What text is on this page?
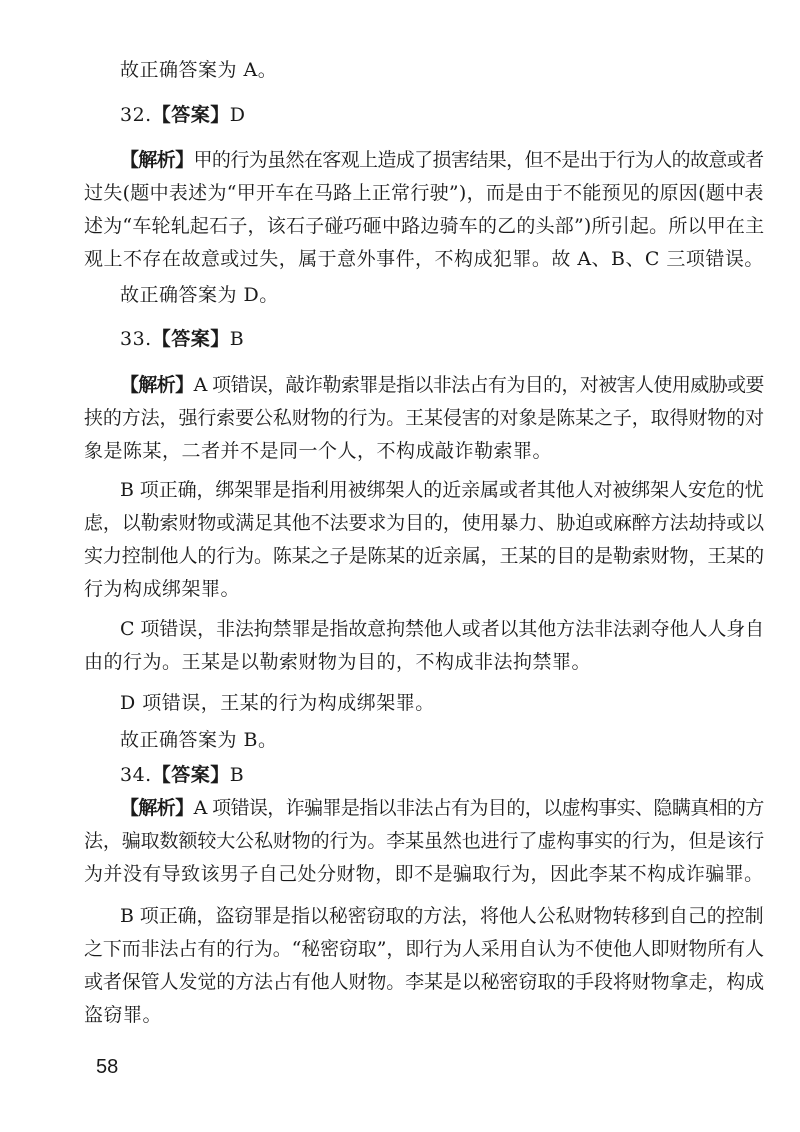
故正确答案为 A。
32.【答案】D
【解析】甲的行为虽然在客观上造成了损害结果，但不是出于行为人的故意或者
过失(题中表述为“甲开车在马路上正常行驶”)，而是由于不能预见的原因(题中表
述为“车轮轧起石子，该石子碰巧砸中路边骑车的乙的头部”)所引起。所以甲在主
观上不存在故意或过失，属于意外事件，不构成犯罪。故 A、B、C 三项错误。
故正确答案为 D。
33.【答案】B
【解析】A 项错误，敲诈勒索罪是指以非法占有为目的，对被害人使用威胁或要
挟的方法，强行索要公私财物的行为。王某侵害的对象是陈某之子，取得财物的对
象是陈某，二者并不是同一个人，不构成敲诈勒索罪。
B 项正确，绑架罪是指利用被绑架人的近亲属或者其他人对被绑架人安危的忧
虑，以勒索财物或满足其他不法要求为目的，使用暴力、胁迫或麻醉方法劫持或以
实力控制他人的行为。陈某之子是陈某的近亲属，王某的目的是勒索财物，王某的
行为构成绑架罪。
C 项错误，非法拘禁罪是指故意拘禁他人或者以其他方法非法剥夺他人人身自
由的行为。王某是以勒索财物为目的，不构成非法拘禁罪。
D 项错误，王某的行为构成绑架罪。
故正确答案为 B。
34.【答案】B
【解析】A 项错误，诈骗罪是指以非法占有为目的，以虚构事实、隐瞒真相的方
法，骗取数额较大公私财物的行为。李某虽然也进行了虚构事实的行为，但是该行
为并没有导致该男子自己处分财物，即不是骗取行为，因此李某不构成诈骗罪。
B 项正确，盗窃罪是指以秘密窃取的方法，将他人公私财物转移到自己的控制
之下而非法占有的行为。“秘密窃取”，即行为人采用自认为不使他人即财物所有人
或者保管人发觉的方法占有他人财物。李某是以秘密窃取的手段将财物拿走，构成
盗窃罪。
58
